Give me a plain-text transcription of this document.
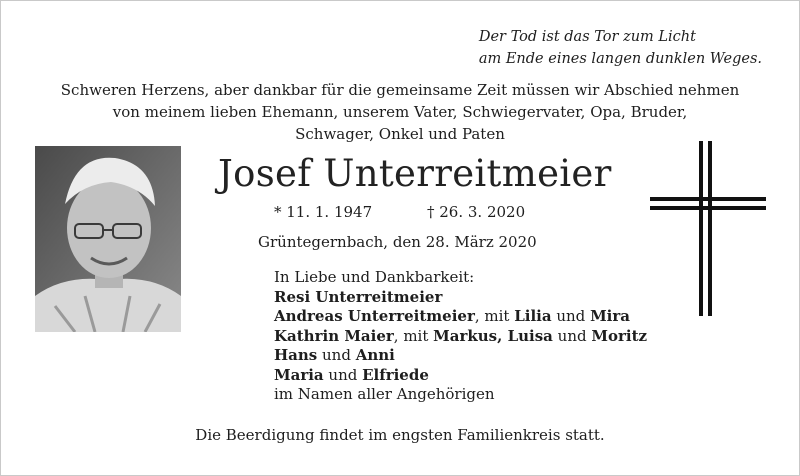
Der Tod ist das Tor zum Licht
am Ende eines langen dunklen Weges.
Schweren Herzens, aber dankbar für die gemeinsame Zeit müssen wir Abschied nehmen
von meinem lieben Ehemann, unserem Vater, Schwiegervater, Opa, Bruder,
Schwager, Onkel und Paten
Josef Unterreitmeier
* 11. 1. 1947	† 26. 3. 2020
Grüntegernbach, den 28. März 2020
In Liebe und Dankbarkeit:
Resi Unterreitmeier
Andreas Unterreitmeier, mit Lilia und Mira
Kathrin Maier, mit Markus, Luisa und Moritz
Hans und Anni
Maria und Elfriede
im Namen aller Angehörigen
Die Beerdigung findet im engsten Familienkreis statt.
